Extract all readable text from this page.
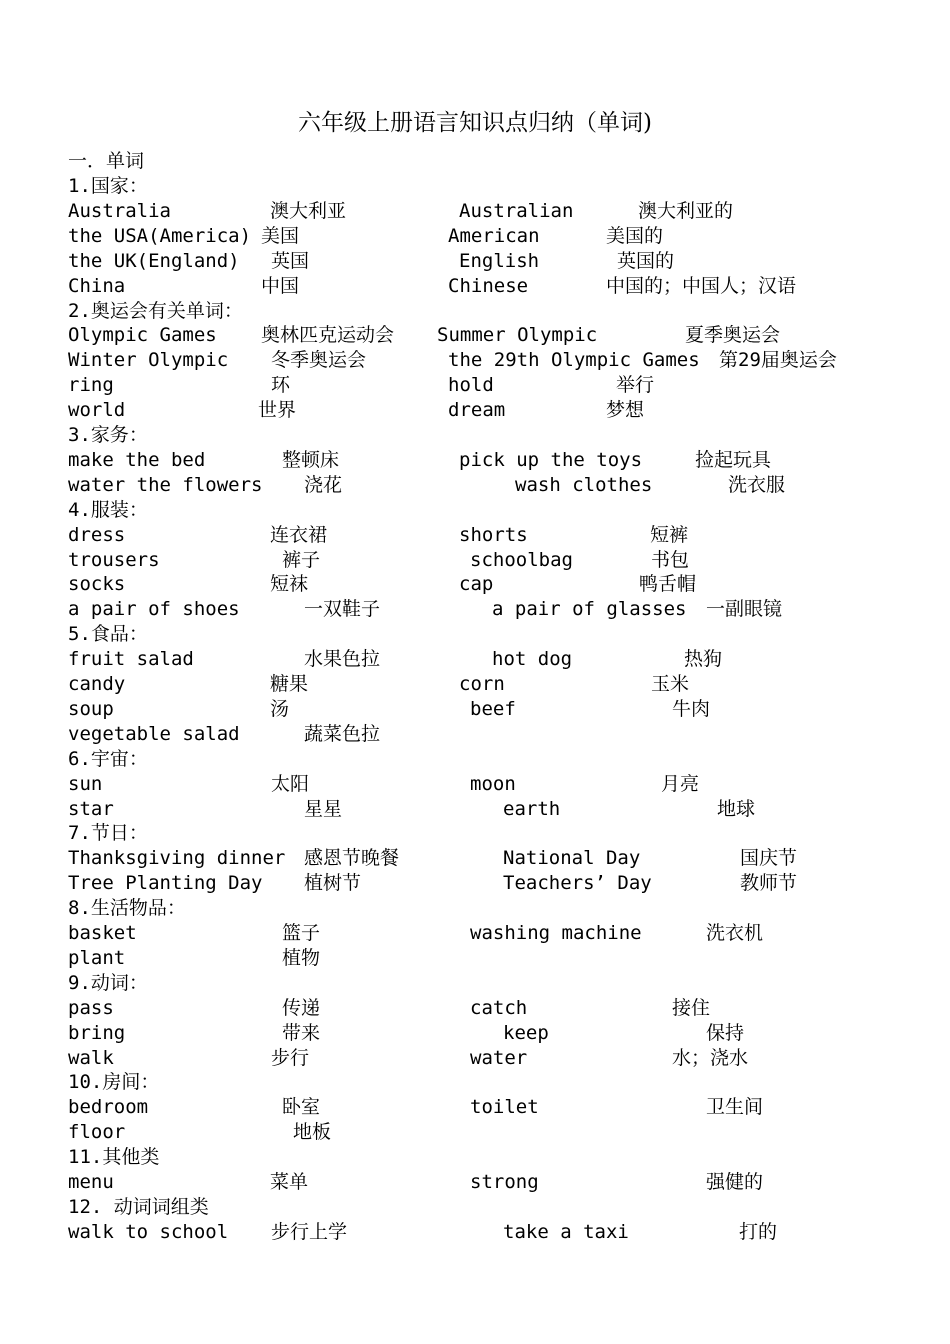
六年级上册语言知识点归纳（单词)
一．单词
1.国家：
Australia	澳大利亚	Australian	澳大利亚的
the USA(America) 美国	American	美国的
the UK(England) 英国	English	英国的
China	中国	Chinese	中国的；中国人；汉语
2.奥运会有关单词：
Olympic Games 奥林匹克运动会 Summer Olympic	夏季奥运会
Winter Olympic 冬季奥运会	the 29th Olympic Games 第29届奥运会
ring	环	hold	举行
world	世界	dream	梦想
3.家务：
make the bed	整顿床	pick up the toys	捡起玩具
water the flowers 浇花	wash clothes	洗衣服
4.服装：
dress	连衣裙	shorts	短裤
trousers	裤子	schoolbag	书包
socks	短袜	cap	鸭舌帽
a pair of shoes	一双鞋子	a pair of glasses 一副眼镜
5.食品：
fruit salad	水果色拉	hot dog	热狗
candy	糖果	corn	玉米
soup	汤	beef	牛肉
vegetable salad	蔬菜色拉
6.宇宙：
sun	太阳	moon	月亮
star	星星	earth	地球
7.节日：
Thanksgiving dinner 感恩节晚餐	National Day	国庆节
Tree Planting Day 植树节	Teachers’ Day	教师节
8.生活物品：
basket	篮子	washing machine	洗衣机
plant	植物
9.动词：
pass	传递	catch	接住
bring	带来	keep	保持
walk	步行	water	水；浇水
10.房间：
bedroom	卧室	toilet	卫生间
floor	地板
11.其他类
menu	菜单	strong	强健的
12. 动词词组类
walk to school 步行上学	take a taxi	打的
